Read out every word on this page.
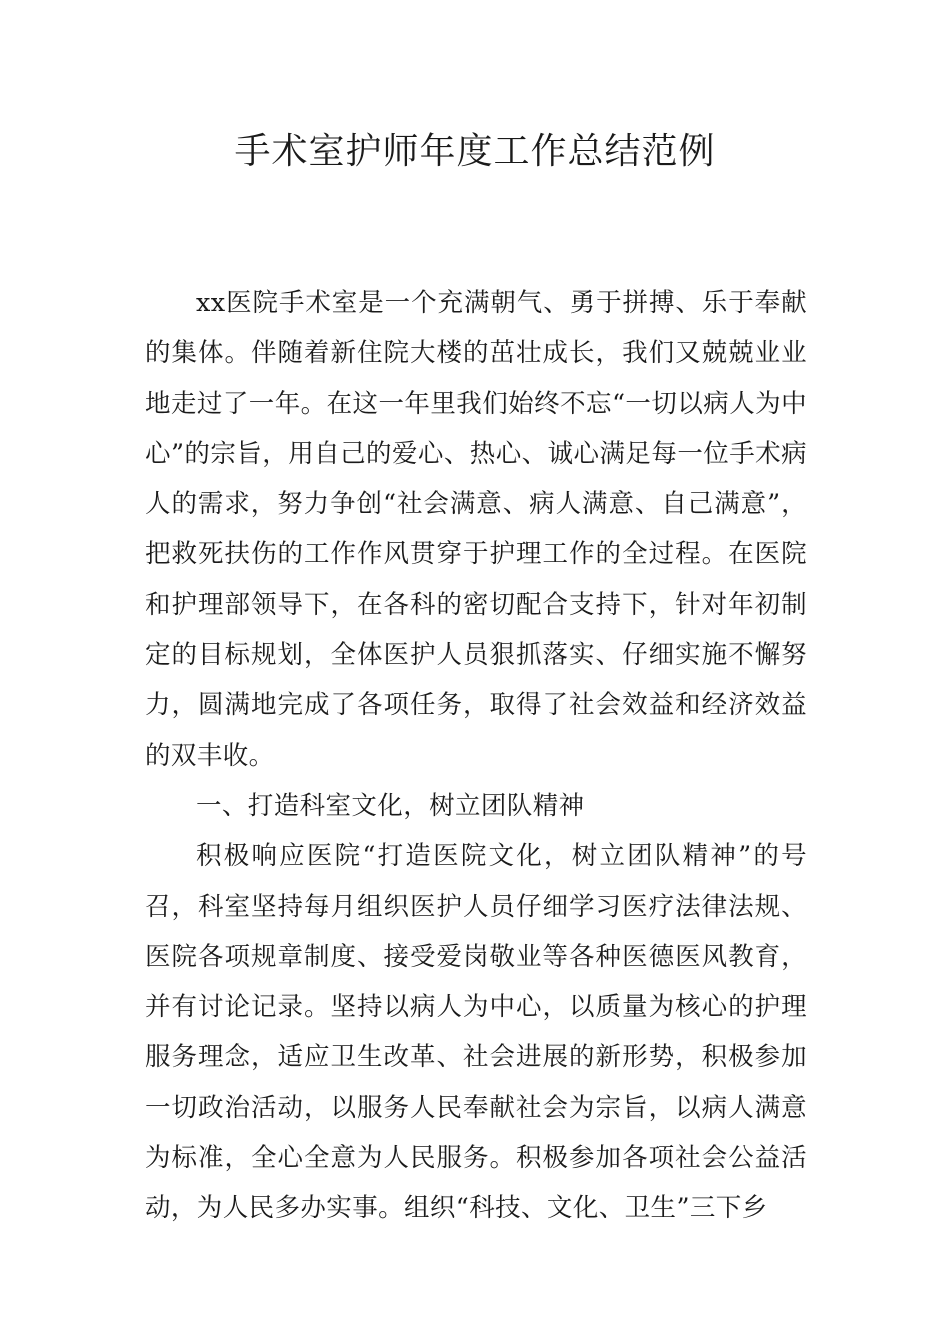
手术室护师年度工作总结范例

xx医院手术室是一个充满朝气、勇于拼搏、乐于奉献的集体。伴随着新住院大楼的茁壮成长，我们又兢兢业业地走过了一年。在这一年里我们始终不忘“一切以病人为中心”的宗旨，用自己的爱心、热心、诚心满足每一位手术病人的需求，努力争创“社会满意、病人满意、自己满意”，把救死扶伤的工作作风贯穿于护理工作的全过程。在医院和护理部领导下，在各科的密切配合支持下，针对年初制定的目标规划，全体医护人员狠抓落实、仔细实施不懈努力，圆满地完成了各项任务，取得了社会效益和经济效益的双丰收。

一、打造科室文化，树立团队精神

积极响应医院“打造医院文化，树立团队精神”的号召，科室坚持每月组织医护人员仔细学习医疗法律法规、医院各项规章制度、接受爱岗敬业等各种医德医风教育，并有讨论记录。坚持以病人为中心，以质量为核心的护理服务理念，适应卫生改革、社会进展的新形势，积极参加一切政治活动，以服务人民奉献社会为宗旨，以病人满意为标准，全心全意为人民服务。积极参加各项社会公益活动，为人民多办实事。组织“科技、文化、卫生”三下乡
